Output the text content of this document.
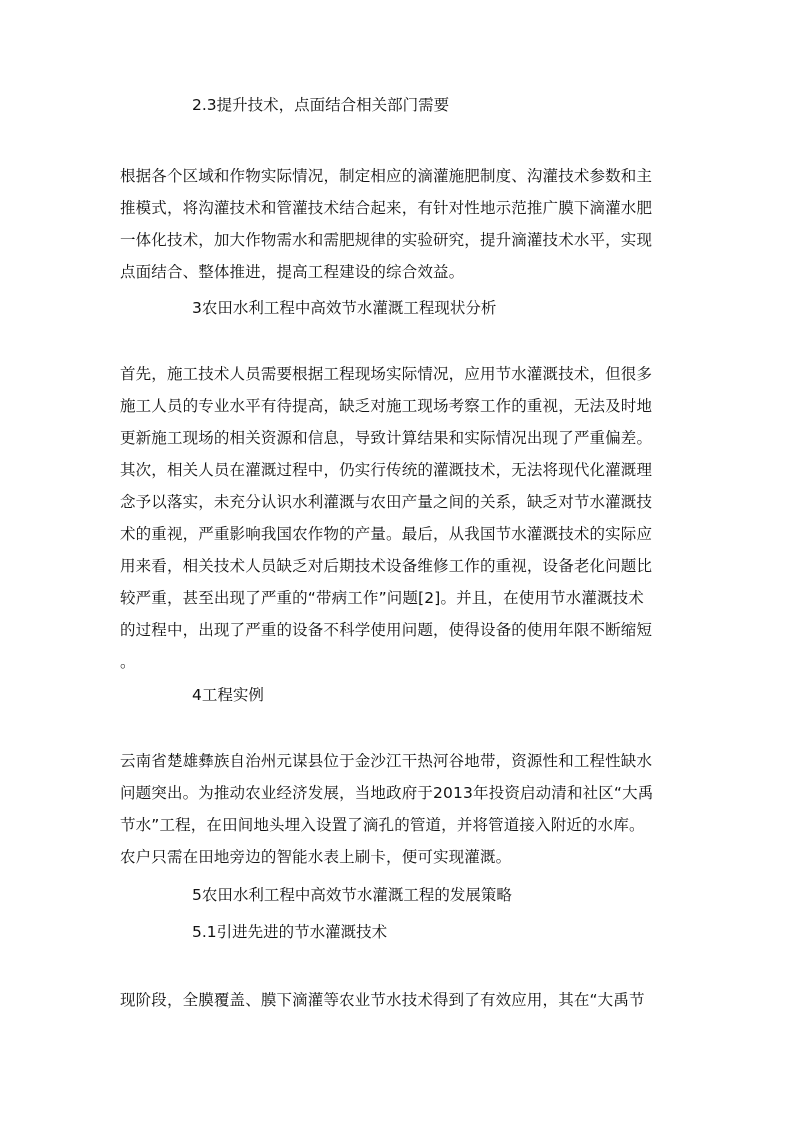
2.3提升技术，点面结合相关部门需要
根据各个区域和作物实际情况，制定相应的滴灌施肥制度、沟灌技术参数和主
推模式，将沟灌技术和管灌技术结合起来，有针对性地示范推广膜下滴灌水肥
一体化技术，加大作物需水和需肥规律的实验研究，提升滴灌技术水平，实现
点面结合、整体推进，提高工程建设的综合效益。
3农田水利工程中高效节水灌溉工程现状分析
首先，施工技术人员需要根据工程现场实际情况，应用节水灌溉技术，但很多
施工人员的专业水平有待提高，缺乏对施工现场考察工作的重视，无法及时地
更新施工现场的相关资源和信息，导致计算结果和实际情况出现了严重偏差。
其次，相关人员在灌溉过程中，仍实行传统的灌溉技术，无法将现代化灌溉理
念予以落实，未充分认识水利灌溉与农田产量之间的关系，缺乏对节水灌溉技
术的重视，严重影响我国农作物的产量。最后，从我国节水灌溉技术的实际应
用来看，相关技术人员缺乏对后期技术设备维修工作的重视，设备老化问题比
较严重，甚至出现了严重的“带病工作”问题[2]。并且，在使用节水灌溉技术
的过程中，出现了严重的设备不科学使用问题，使得设备的使用年限不断缩短
。
4工程实例
云南省楚雄彝族自治州元谋县位于金沙江干热河谷地带，资源性和工程性缺水
问题突出。为推动农业经济发展，当地政府于2013年投资启动清和社区“大禹
节水”工程，在田间地头埋入设置了滴孔的管道，并将管道接入附近的水库。
农户只需在田地旁边的智能水表上刷卡，便可实现灌溉。
5农田水利工程中高效节水灌溉工程的发展策略
5.1引进先进的节水灌溉技术
现阶段，全膜覆盖、膜下滴灌等农业节水技术得到了有效应用，其在“大禹节
